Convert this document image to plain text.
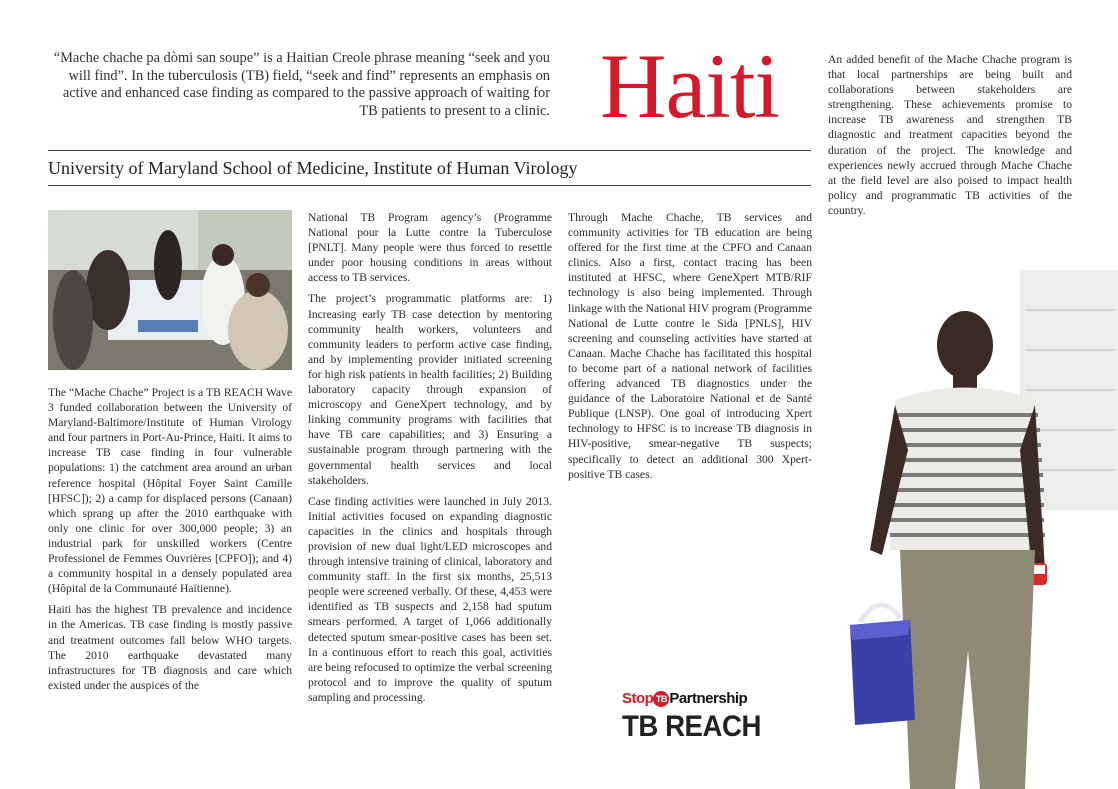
“Mache chache pa dòmi san soupe” is a Haitian Creole phrase meaning “seek and you will find”. In the tuberculosis (TB) field, “seek and find” represents an emphasis on active and enhanced case finding as compared to the passive approach of waiting for TB patients to present to a clinic. Haiti
University of Maryland School of Medicine, Institute of Human Virology

The “Mache Chache” Project is a TB REACH Wave 3 funded collaboration between the University of Maryland-Baltimore/Institute of Human Virology and four partners in Port-Au-Prince, Haiti. It aims to increase TB case finding in four vulnerable populations: 1) the catchment area around an urban reference hospital (Hôpital Foyer Saint Camille [HFSC]); 2) a camp for displaced persons (Canaan) which sprang up after the 2010 earthquake with only one clinic for over 300,000 people; 3) an industrial park for unskilled workers (Centre Professionel de Femmes Ouvrières [CPFO]); and 4) a community hospital in a densely populated area (Hôpital de la Communauté Haïtienne).

Haiti has the highest TB prevalence and incidence in the Americas. TB case finding is mostly passive and treatment outcomes fall below WHO targets. The 2010 earthquake devastated many infrastructures for TB diagnosis and care which existed under the auspices of the

National TB Program agency’s (Programme National pour la Lutte contre la Tuberculose [PNLT]. Many people were thus forced to resettle under poor housing conditions in areas without access to TB services.

The project’s programmatic platforms are: 1) Increasing early TB case detection by mentoring community health workers, volunteers and community leaders to perform active case finding, and by implementing provider initiated screening for high risk patients in health facilities; 2) Building laboratory capacity through expansion of microscopy and GeneXpert technology, and by linking community programs with facilities that have TB care capabilities; and 3) Ensuring a sustainable program through partnering with the governmental health services and local stakeholders.

Case finding activities were launched in July 2013. Initial activities focused on expanding diagnostic capacities in the clinics and hospitals through provision of new dual light/LED microscopes and through intensive training of clinical, laboratory and community staff. In the first six months, 25,513 people were screened verbally. Of these, 4,453 were identified as TB suspects and 2,158 had sputum smears performed. A target of 1,066 additionally detected sputum smear-positive cases has been set. In a continuous effort to reach this goal, activities are being refocused to optimize the verbal screening protocol and to improve the quality of sputum sampling and processing.

Through Mache Chache, TB services and community activities for TB education are being offered for the first time at the CPFO and Canaan clinics. Also a first, contact tracing has been instituted at HFSC, where GeneXpert MTB/RIF technology is also being implemented. Through linkage with the National HIV program (Programme National de Lutte contre le Sida [PNLS], HIV screening and counseling activities have started at Canaan. Mache Chache has facilitated this hospital to become part of a national network of facilities offering advanced TB diagnostics under the guidance of the Laboratoire National et de Santé Publique (LNSP). One goal of introducing Xpert technology to HFSC is to increase TB diagnosis in HIV-positive, smear-negative TB suspects; specifically to detect an additional 300 Xpert-positive TB cases.

An added benefit of the Mache Chache program is that local partnerships are being built and collaborations between stakeholders are strengthening. These achievements promise to increase TB awareness and strengthen TB diagnostic and treatment capacities beyond the duration of the project. The knowledge and experiences newly accrued through Mache Chache at the field level are also poised to impact health policy and programmatic TB activities of the country.

Stop TB Partnership
TB REACH
